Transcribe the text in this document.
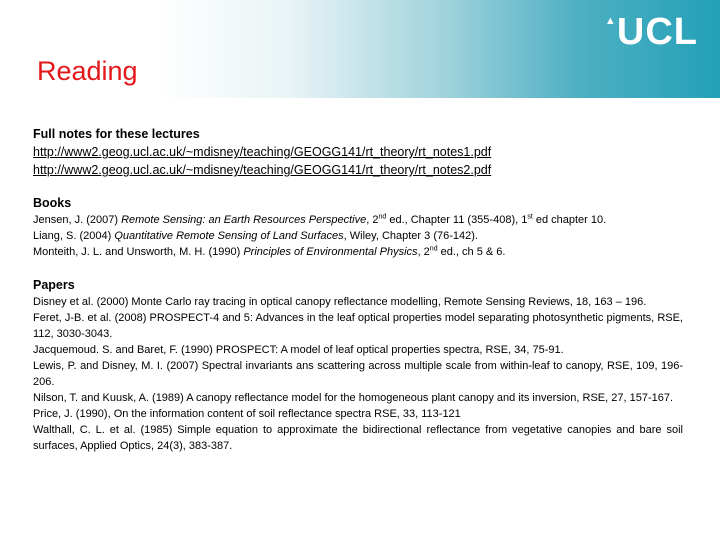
▲ UCL
Reading
Full notes for these lectures
http://www2.geog.ucl.ac.uk/~mdisney/teaching/GEOGG141/rt_theory/rt_notes1.pdf
http://www2.geog.ucl.ac.uk/~mdisney/teaching/GEOGG141/rt_theory/rt_notes2.pdf
Books
Jensen, J. (2007) Remote Sensing: an Earth Resources Perspective, 2nd ed., Chapter 11 (355-408), 1st ed chapter 10.
Liang, S. (2004) Quantitative Remote Sensing of Land Surfaces, Wiley, Chapter 3 (76-142).
Monteith, J. L. and Unsworth, M. H. (1990) Principles of Environmental Physics, 2nd ed., ch 5 & 6.
Papers
Disney et al. (2000) Monte Carlo ray tracing in optical canopy reflectance modelling, Remote Sensing Reviews, 18, 163 – 196.
Feret, J-B. et al. (2008) PROSPECT-4 and 5: Advances in the leaf optical properties model separating photosynthetic pigments, RSE, 112, 3030-3043.
Jacquemoud. S. and Baret, F. (1990) PROSPECT: A model of leaf optical properties spectra, RSE, 34, 75-91.
Lewis, P. and Disney, M. I. (2007) Spectral invariants ans scattering across multiple scale from within-leaf to canopy, RSE, 109, 196-206.
Nilson, T. and Kuusk, A. (1989) A canopy reflectance model for the homogeneous plant canopy and its inversion, RSE, 27, 157-167.
Price, J. (1990), On the information content of soil reflectance spectra RSE, 33, 113-121
Walthall, C. L. et al. (1985) Simple equation to approximate the bidirectional reflectance from vegetative canopies and bare soil surfaces, Applied Optics, 24(3), 383-387.
